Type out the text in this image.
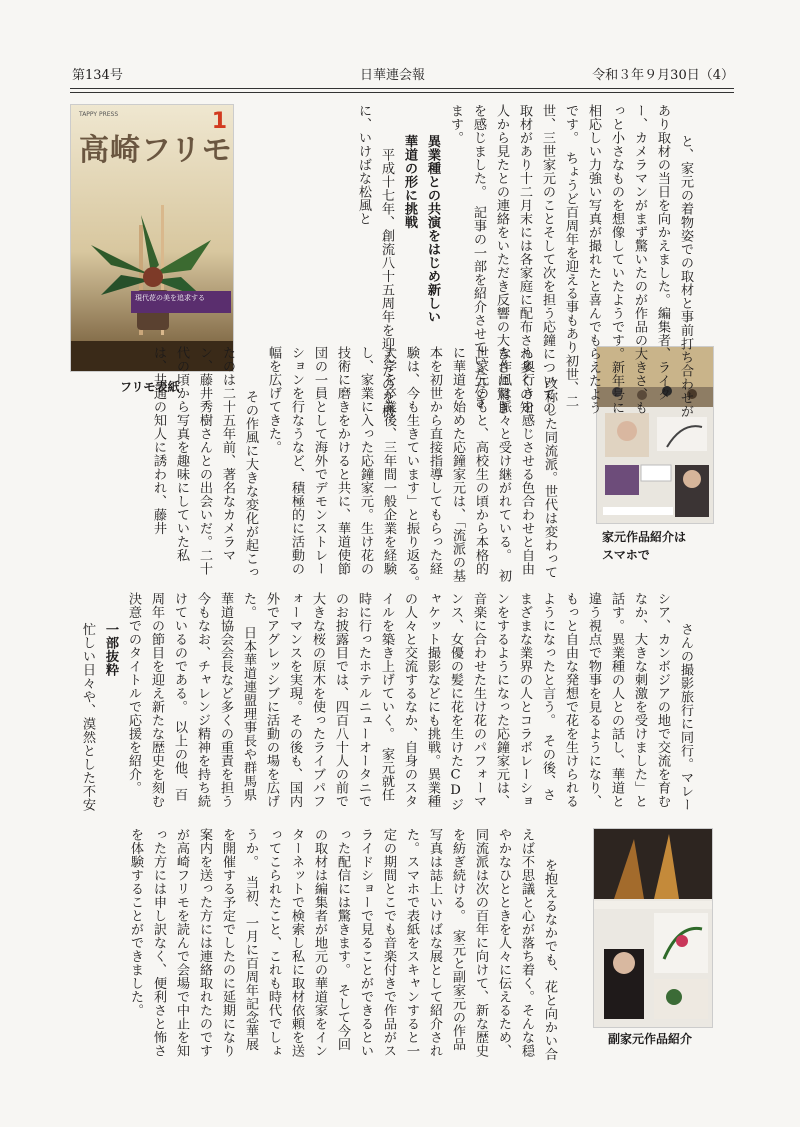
第134号	日華連会報	令和３年９月30日（4）
TAPPY PRESS	1
高崎フリモ
現代花の美を追求する
フリモ表紙
家元作品紹介は
スマホで
副家元作品紹介

と、家元の着物姿での取材と事前打ち合わせがあり取材の当日を向かえました。編集者、ライター、カメラマンがまず驚いたのが作品の大きさ、もっと小さなものを想像していたようです。新年号に相応しい力強い写真が撮れたと喜んでもらえたようです。　ちょうど百周年を迎える事もあり初世、二世、三世家元のことそして次を担う応鐘についての取材があり十二月末には各家庭に配布され多くの知人から見たとの連絡をいただき反響の大きさに驚きを感じました。　記事の一部を紹介させていただきます。
異業種との共演をはじめ新しい
華道の形に挑戦
　平成十七年、創流八十五周年を迎えたのを機に、いけばな松風と

改称した同流派。世代は変わっても奥行きを感じさせる色合わせと自由な作風は脈々と受け継がれている。　初世家元のもと、高校生の頃から本格的に華道を始めた応鐘家元は、「流派の基本を初世から直接指導してもらった経験は、今も生きています」と振り返る。　大学を卒業後、三年間一般企業を経験し、家業に入った応鐘家元。生け花の技術に磨きをかけると共に、華道使節団の一員として海外でデモンストレーションを行なうなど、積極的に活動の幅を広げてきた。
　その作風に大きな変化が起こったのは二十五年前、著名なカメラマン、藤井秀樹さんとの出会いだ。二十代の頃から写真を趣味にしていた私は、共通の知人に誘われ、藤井

さんの撮影旅行に同行。マレーシア、カンボジアの地で交流を育むなか、大きな刺激を受けました」と話す。異業種の人との話し、華道と違う視点で物事を見るようになり、もっと自由な発想で花を生けられるようになったと言う。　その後、さまざまな業界の人とコラボレーションをするようになった応鐘家元は、音楽に合わせた生け花のパフォーマンス、女優の髪に花を生けたCDジャケット撮影などにも挑戦。異業種の人々と交流するなか、自身のスタイルを築き上げていく。　家元就任時に行ったホテルニューオータニでのお披露目では、四百八十人の前で大きな桜の原木を使ったライブパフォーマンスを実現。その後も、国内外でアグレッシブに活動の場を広げた。　日本華道連盟理事長や群馬県華道協会会長など多くの重責を担う今もなお、チャレンジ精神を持ち続けているのである。　以上の他、百周年の節目を迎え新たな歴史を刻む決意でのタイトルで応援を紹介。
一部抜粋
忙しい日々や、漠然とした不安

を抱えるなかでも、花と向かい合えば不思議と心が落ち着く。そんな穏やかなひとときを人々に伝えるため、同流派は次の百年に向けて、新な歴史を紡ぎ続ける。　家元と副家元の作品写真は誌上いけばな展として紹介された。スマホで表紙をスキャンすると一定の期間とこでも音楽付きで作品がスライドショーで見ることができるといった配信には驚きます。　そして今回の取材は編集者が地元の華道家をインターネットで検索し私に取材依頼を送ってこられたこと、これも時代でしょうか。　当初、一月に百周年記念華展を開催する予定でしたのに延期になり案内を送った方には連絡取れたのですが高崎フリモを読んで会場で中止を知った方には申し訳なく、便利さと怖さを体験することができました。
